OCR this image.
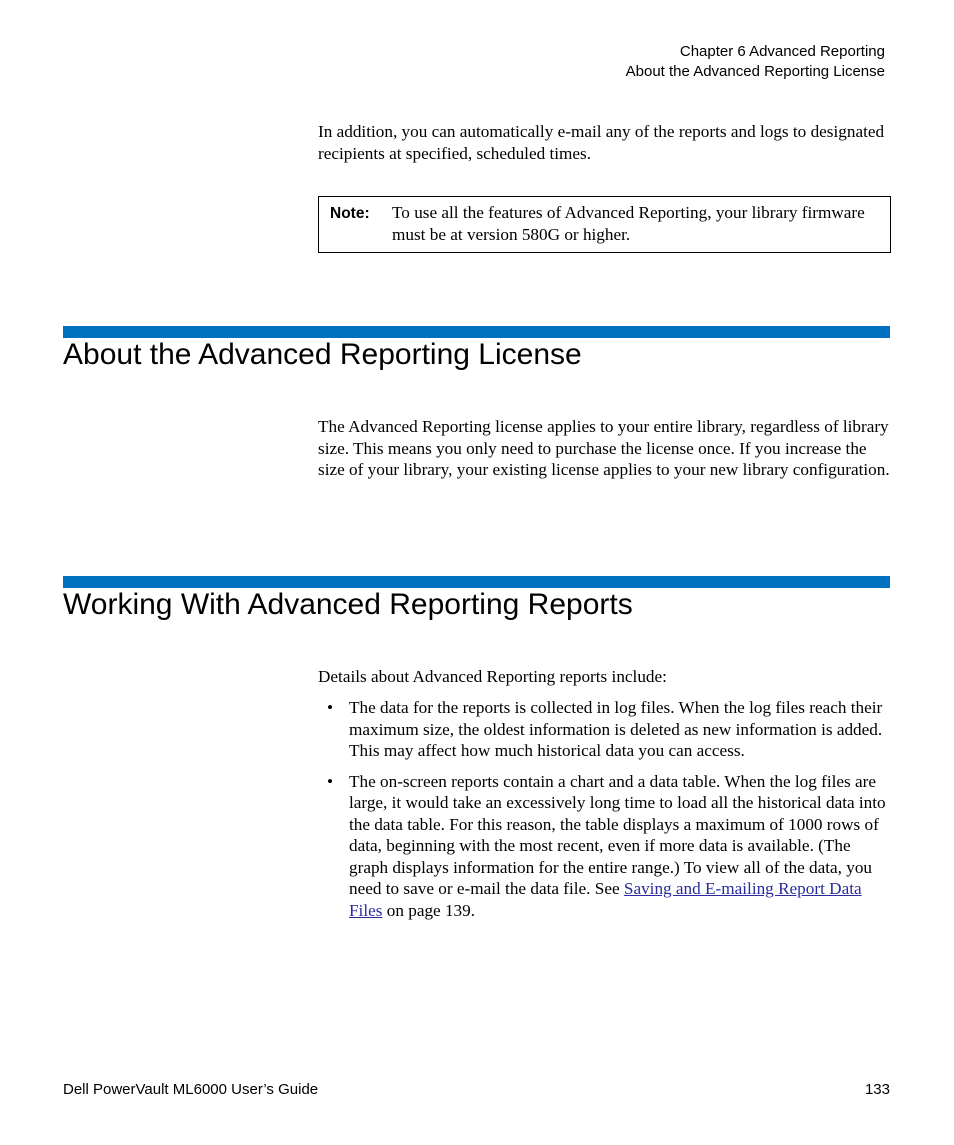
Chapter 6 Advanced Reporting
About the Advanced Reporting License

In addition, you can automatically e-mail any of the reports and logs to designated recipients at specified, scheduled times.

Note: To use all the features of Advanced Reporting, your library firmware must be at version 580G or higher.
About the Advanced Reporting License

The Advanced Reporting license applies to your entire library, regardless of library size. This means you only need to purchase the license once. If you increase the size of your library, your existing license applies to your new library configuration.

Working With Advanced Reporting Reports

Details about Advanced Reporting reports include:

• The data for the reports is collected in log files. When the log files reach their maximum size, the oldest information is deleted as new information is added. This may affect how much historical data you can access.
• The on-screen reports contain a chart and a data table. When the log files are large, it would take an excessively long time to load all the historical data into the data table. For this reason, the table displays a maximum of 1000 rows of data, beginning with the most recent, even if more data is available. (The graph displays information for the entire range.) To view all of the data, you need to save or e-mail the data file. See Saving and E-mailing Report Data Files on page 139.
Dell PowerVault ML6000 User’s Guide	133
